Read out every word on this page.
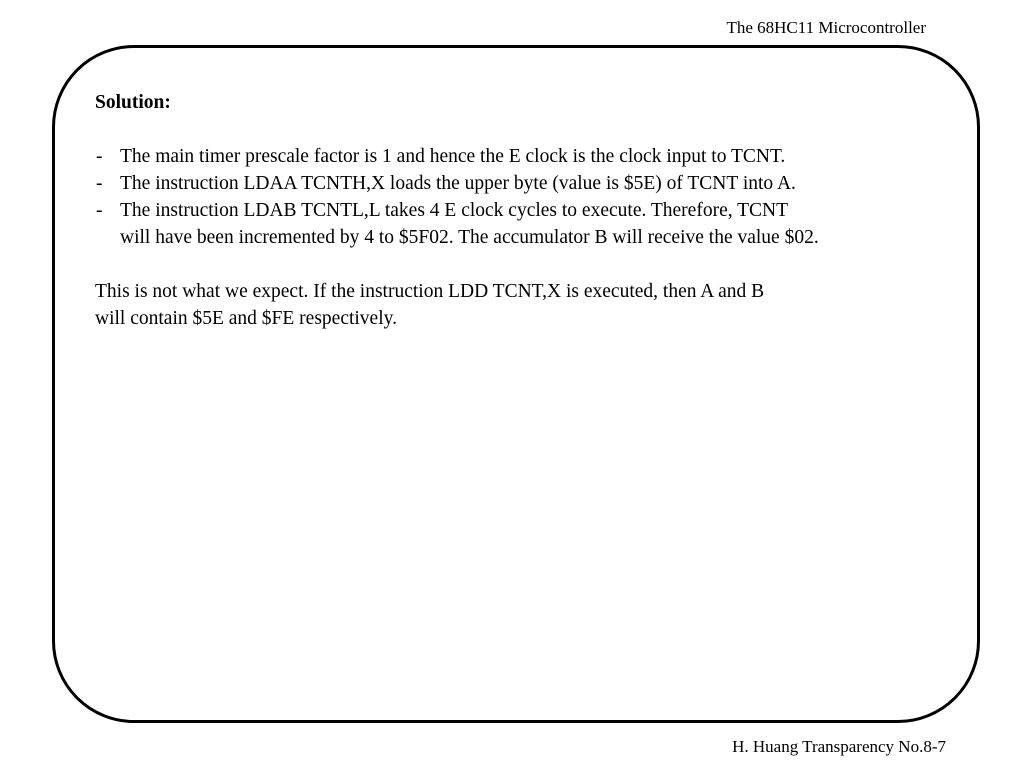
The 68HC11 Microcontroller

Solution:

- The main timer prescale factor is 1 and hence the E clock is the clock input to TCNT.
- The instruction LDAA TCNTH,X loads the upper byte (value is $5E) of TCNT into A.
- The instruction LDAB TCNTL,L takes 4 E clock cycles to execute. Therefore, TCNT
will have been incremented by 4 to $5F02. The accumulator B will receive the value $02.
This is not what we expect. If the instruction LDD TCNT,X is executed, then A and B
will contain $5E and $FE respectively.
H. Huang Transparency No.8-7
